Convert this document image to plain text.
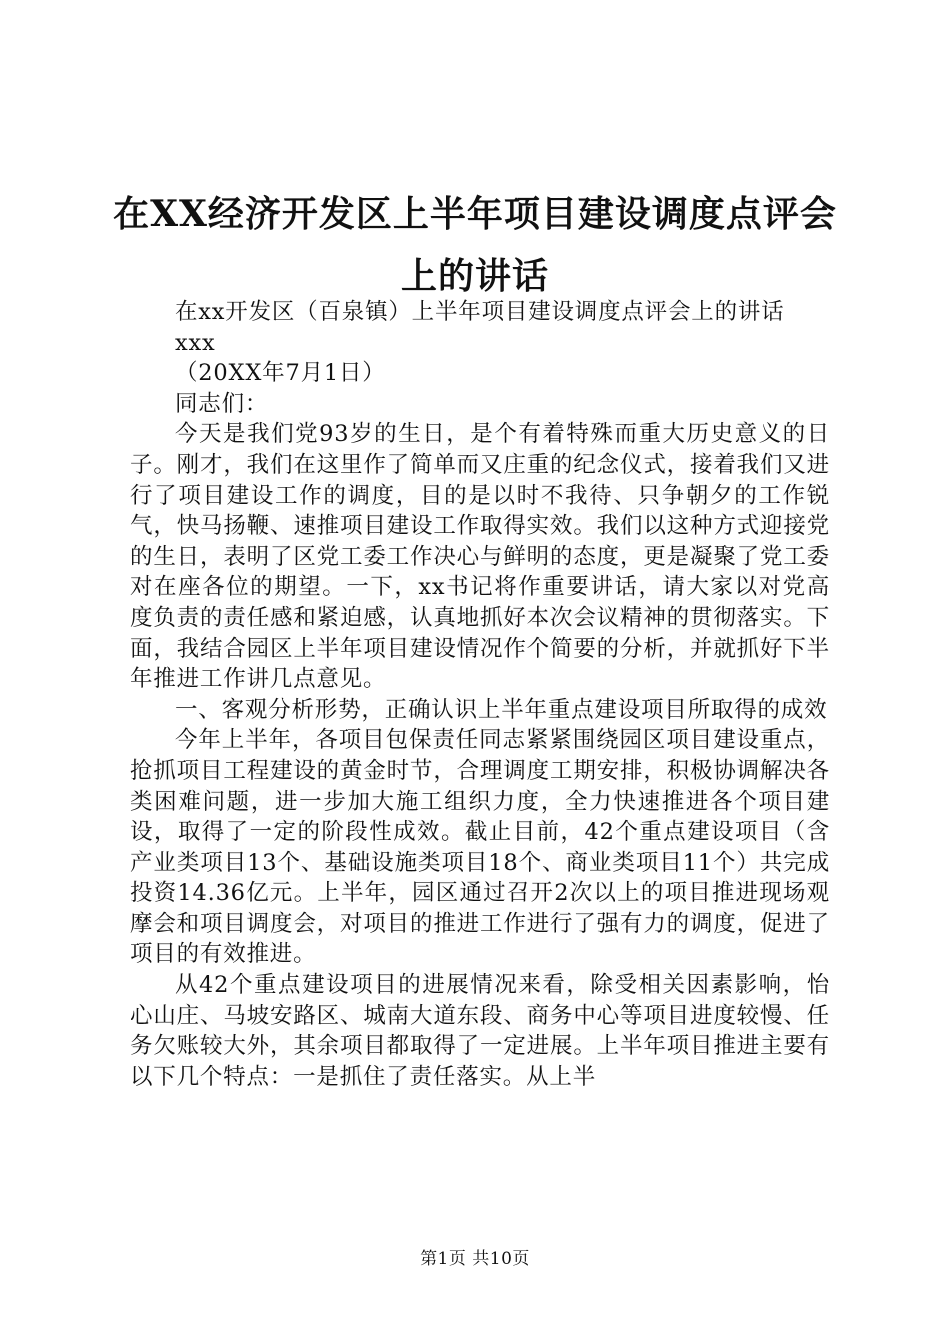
在XX经济开发区上半年项目建设调度点评会
上的讲话

在xx开发区（百泉镇）上半年项目建设调度点评会上的讲话

xxx

（20XX年7月1日）

同志们：

今天是我们党93岁的生日，是个有着特殊而重大历史意义的日子。刚才，我们在这里作了简单而又庄重的纪念仪式，接着我们又进行了项目建设工作的调度，目的是以时不我待、只争朝夕的工作锐气，快马扬鞭、速推项目建设工作取得实效。我们以这种方式迎接党的生日，表明了区党工委工作决心与鲜明的态度，更是凝聚了党工委对在座各位的期望。一下，xx书记将作重要讲话，请大家以对党高度负责的责任感和紧迫感，认真地抓好本次会议精神的贯彻落实。下面，我结合园区上半年项目建设情况作个简要的分析，并就抓好下半年推进工作讲几点意见。

一、客观分析形势，正确认识上半年重点建设项目所取得的成效

今年上半年，各项目包保责任同志紧紧围绕园区项目建设重点，抢抓项目工程建设的黄金时节，合理调度工期安排，积极协调解决各类困难问题，进一步加大施工组织力度，全力快速推进各个项目建设，取得了一定的阶段性成效。截止目前，42个重点建设项目（含产业类项目13个、基础设施类项目18个、商业类项目11个）共完成投资14.36亿元。上半年，园区通过召开2次以上的项目推进现场观摩会和项目调度会，对项目的推进工作进行了强有力的调度，促进了项目的有效推进。

从42个重点建设项目的进展情况来看，除受相关因素影响，怡心山庄、马坡安路区、城南大道东段、商务中心等项目进度较慢、任务欠账较大外，其余项目都取得了一定进展。上半年项目推进主要有以下几个特点：一是抓住了责任落实。从上半

第1页 共10页
